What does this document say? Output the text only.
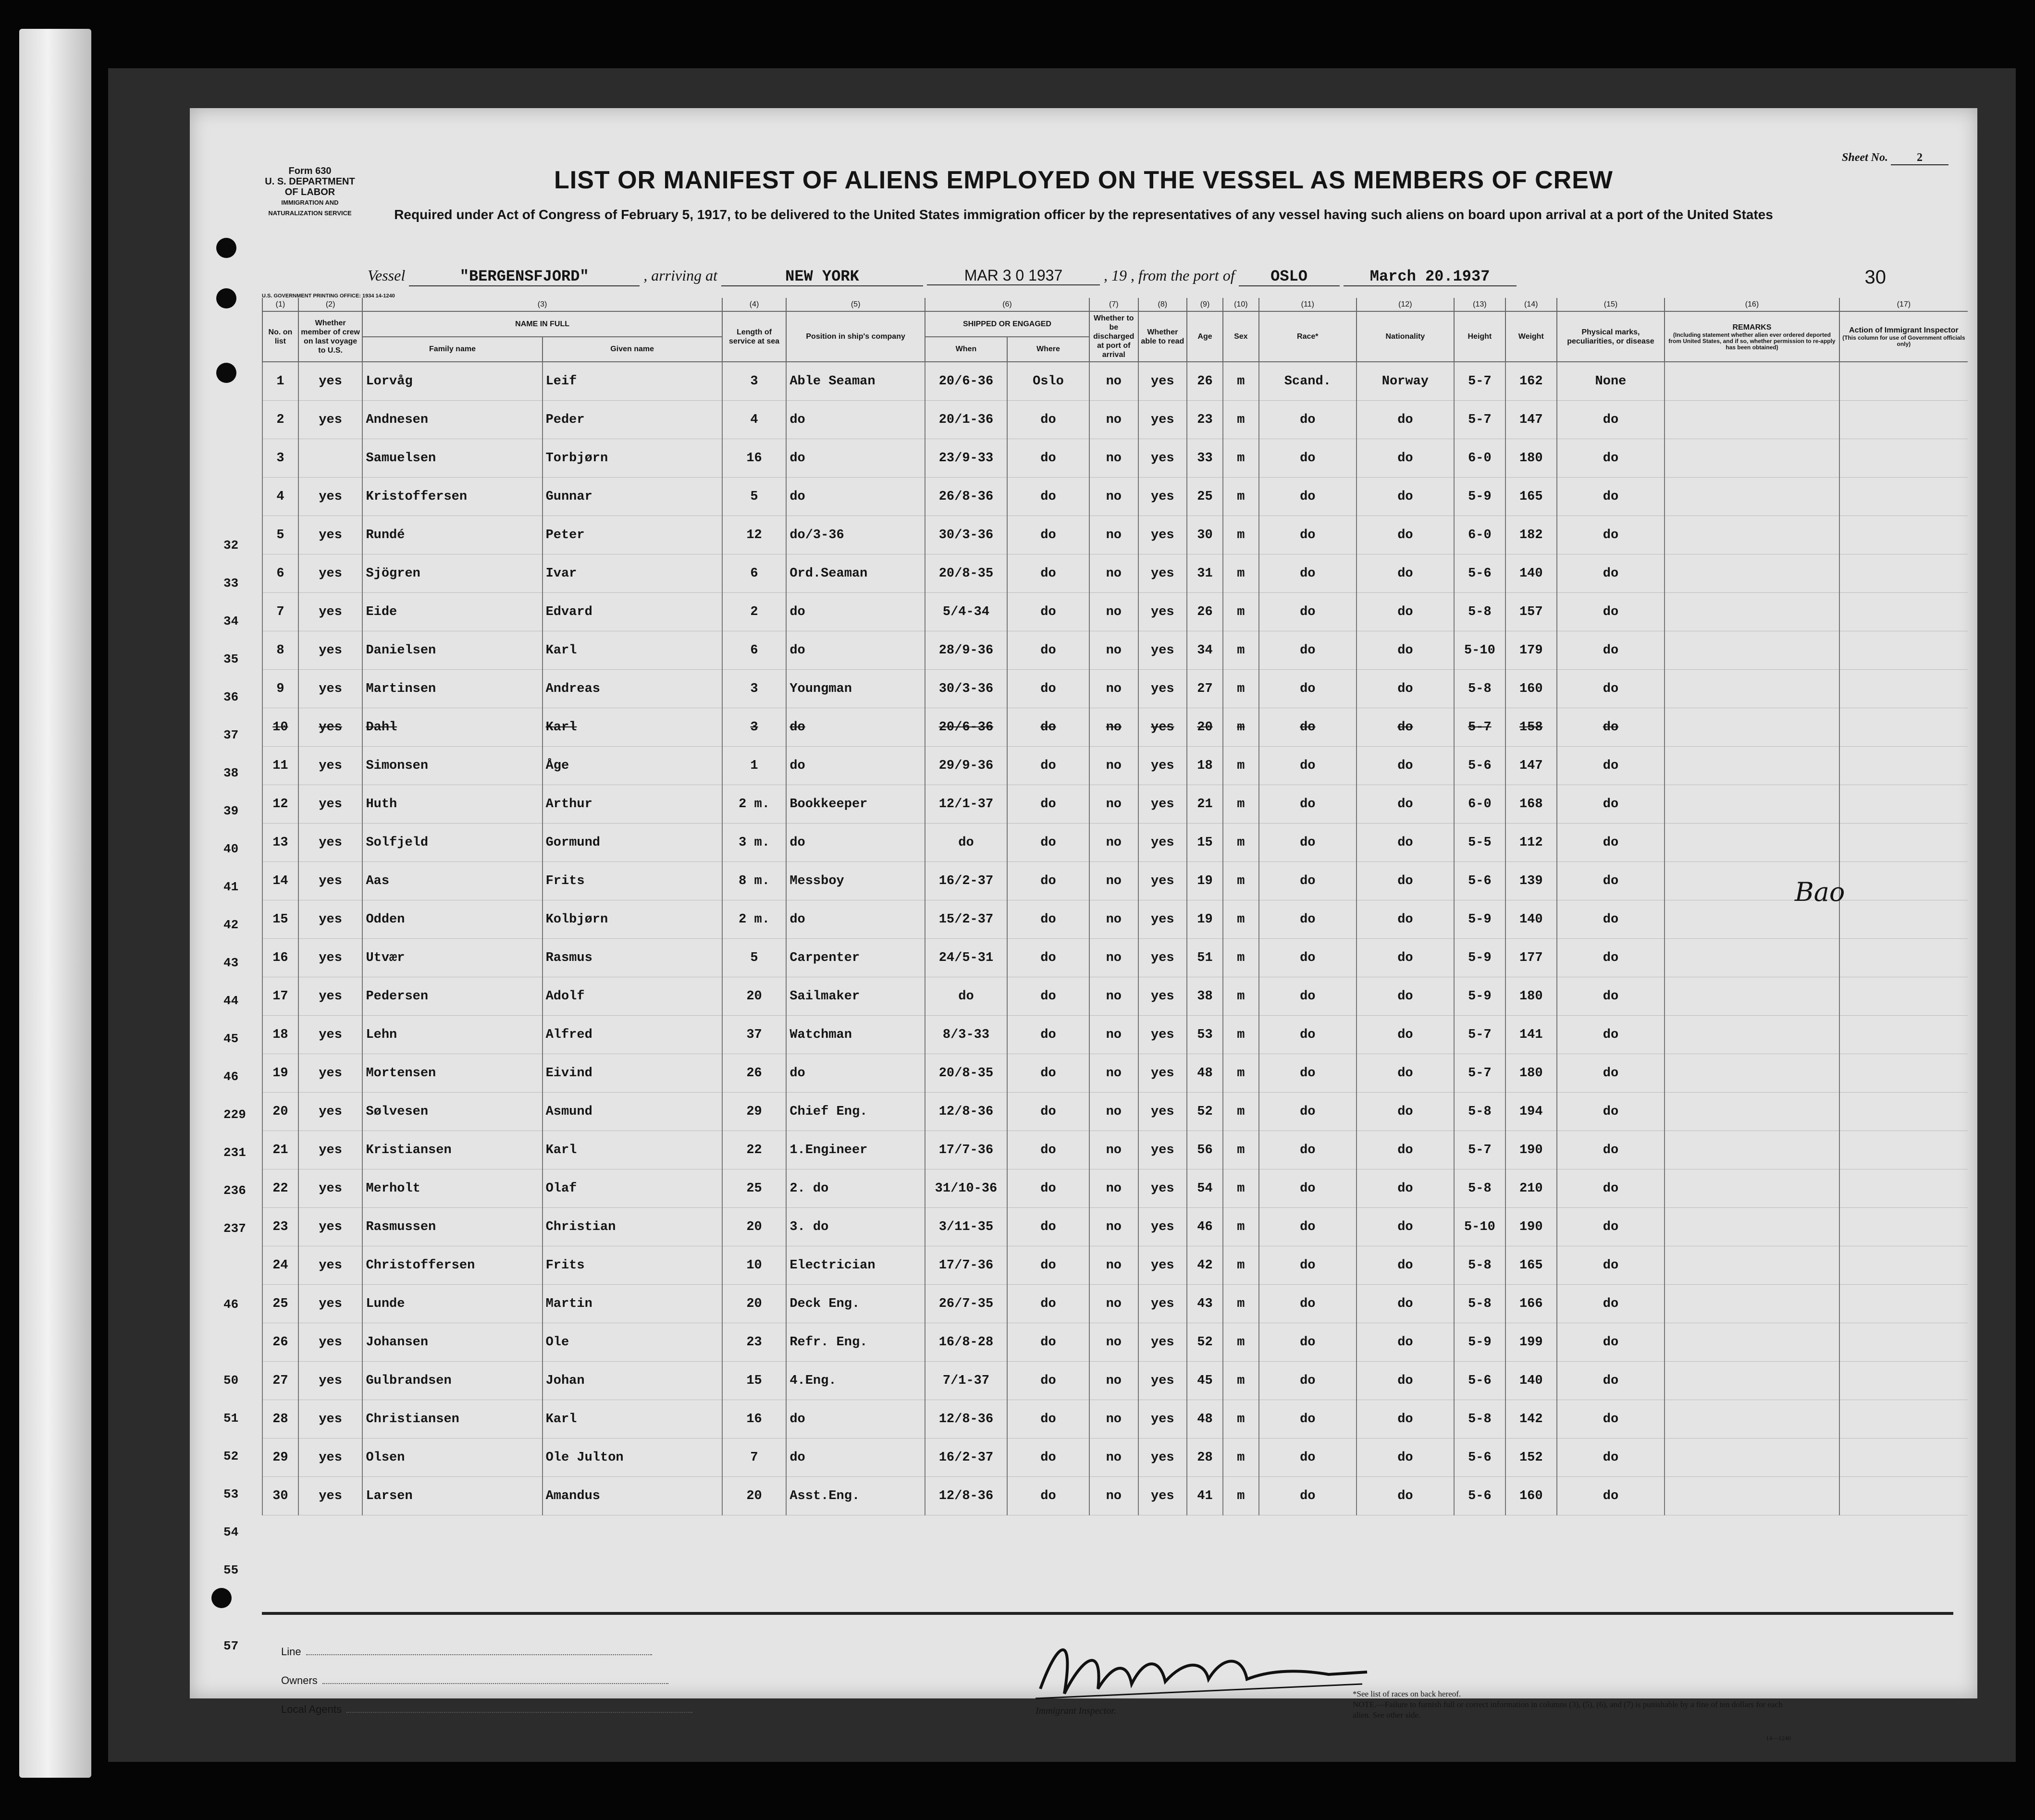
Form 630
U. S. DEPARTMENT OF LABOR
IMMIGRATION AND NATURALIZATION SERVICE
Sheet No.	2
LIST OR MANIFEST OF ALIENS EMPLOYED ON THE VESSEL AS MEMBERS OF CREW
Required under Act of Congress of February 5, 1917, to be delivered to the United States immigration officer by the representatives of any vessel having such aliens on board upon arrival at a port of the United States
Vessel	"BERGENSFJORD"	, arriving at	NEW YORK	MAR 3 0 1937	, 19 , from the port of OSLO	March 20.1937	30
U.S. GOVERNMENT PRINTING OFFICE: 1934 14-1240
32
33
34
35
36
37
38
39
40
41
42
43
44
45
46
229
231
236
237
46
50
51
52
53
54
55
57
(1)	(2)	(3)		(4)	(5)	(6)		(7)	(8)	(9)	(10)	(11)	(12)	(13)	(14)	(15)	(16)	(17)
No. on list	Whether member of crew on last voyage to U.S.	NAME IN FULL		Length of service at sea	Position in ship's company	SHIPPED OR ENGAGED		Whether to be discharged at port of arrival	Whether able to read	Age	Sex	Race*	Nationality	Height	Weight	Physical marks, peculiarities, or disease	REMARKS

(Including statement whether alien ever ordered deported from United States, and if so, whether permission to re-apply has been obtained)	Action of Immigrant Inspector

(This column for use of Government officials only)

		Family name	Given name			When	Where											
1	yes	Lorvåg	Leif	3	Able Seaman	20/6-36	Oslo	no	yes	26	m	Scand.	Norway	5-7	162	None		
2	yes	Andnesen	Peder	4	do	20/1-36	do	no	yes	23	m	do	do	5-7	147	do		
3		Samuelsen	Torbjørn	16	do	23/9-33	do	no	yes	33	m	do	do	6-0	180	do		
4	yes	Kristoffersen	Gunnar	5	do	26/8-36	do	no	yes	25	m	do	do	5-9	165	do		
5	yes	Rundé	Peter	12	do/3-36	30/3-36	do	no	yes	30	m	do	do	6-0	182	do		
6	yes	Sjögren	Ivar	6	Ord.Seaman	20/8-35	do	no	yes	31	m	do	do	5-6	140	do		
7	yes	Eide	Edvard	2	do	5/4-34	do	no	yes	26	m	do	do	5-8	157	do		
8	yes	Danielsen	Karl	6	do	28/9-36	do	no	yes	34	m	do	do	5-10	179	do		
9	yes	Martinsen	Andreas	3	Youngman	30/3-36	do	no	yes	27	m	do	do	5-8	160	do		
10	yes	Dahl	Karl	3	do	20/6-36	do	no	yes	20	m	do	do	5-7	158	do		
11	yes	Simonsen	Åge	1	do	29/9-36	do	no	yes	18	m	do	do	5-6	147	do		
12	yes	Huth	Arthur	2 m.	Bookkeeper	12/1-37	do	no	yes	21	m	do	do	6-0	168	do		
13	yes	Solfjeld	Gormund	3 m.	do	do	do	no	yes	15	m	do	do	5-5	112	do		
14	yes	Aas	Frits	8 m.	Messboy	16/2-37	do	no	yes	19	m	do	do	5-6	139	do		
15	yes	Odden	Kolbjørn	2 m.	do	15/2-37	do	no	yes	19	m	do	do	5-9	140	do		
16	yes	Utvær	Rasmus	5	Carpenter	24/5-31	do	no	yes	51	m	do	do	5-9	177	do		
17	yes	Pedersen	Adolf	20	Sailmaker	do	do	no	yes	38	m	do	do	5-9	180	do		
18	yes	Lehn	Alfred	37	Watchman	8/3-33	do	no	yes	53	m	do	do	5-7	141	do		
19	yes	Mortensen	Eivind	26	do	20/8-35	do	no	yes	48	m	do	do	5-7	180	do		
20	yes	Sølvesen	Asmund	29	Chief Eng.	12/8-36	do	no	yes	52	m	do	do	5-8	194	do		
21	yes	Kristiansen	Karl	22	1.Engineer	17/7-36	do	no	yes	56	m	do	do	5-7	190	do		
22	yes	Merholt	Olaf	25	2. do	31/10-36	do	no	yes	54	m	do	do	5-8	210	do		
23	yes	Rasmussen	Christian	20	3. do	3/11-35	do	no	yes	46	m	do	do	5-10	190	do		
24	yes	Christoffersen	Frits	10	Electrician	17/7-36	do	no	yes	42	m	do	do	5-8	165	do		
25	yes	Lunde	Martin	20	Deck Eng.	26/7-35	do	no	yes	43	m	do	do	5-8	166	do		
26	yes	Johansen	Ole	23	Refr. Eng.	16/8-28	do	no	yes	52	m	do	do	5-9	199	do		
27	yes	Gulbrandsen	Johan	15	4.Eng.	7/1-37	do	no	yes	45	m	do	do	5-6	140	do		
28	yes	Christiansen	Karl	16	do	12/8-36	do	no	yes	48	m	do	do	5-8	142	do		
29	yes	Olsen	Ole Julton	7	do	16/2-37	do	no	yes	28	m	do	do	5-6	152	do		
30	yes	Larsen	Amandus	20	Asst.Eng.	12/8-36	do	no	yes	41	m	do	do	5-6	160	do		
Bao
Line
Owners
Local Agents	Immigrant Inspector.
*See list of races on back hereof.
NOTE.—Failure to furnish full or correct information in columns (3), (5), (6), and (7) is punishable by a fine of ten dollars for each alien. See other side.
14—1240
